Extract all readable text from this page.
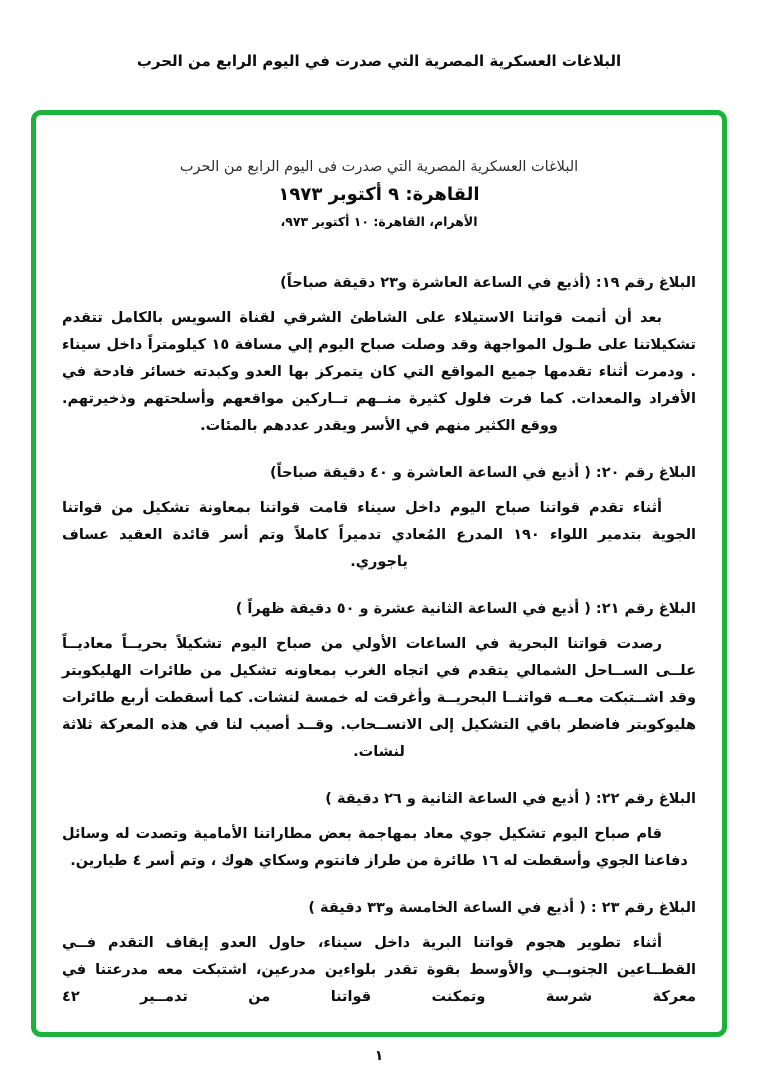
البلاغات العسكرية المصرية التي صدرت في اليوم الرابع من الحرب
البلاغات العسكرية المصرية التي صدرت فى اليوم الرابع من الحرب
القاهرة: ٩ أكتوبر ١٩٧٣
الأهرام، القاهرة: ١٠ أكتوبر ٩٧٣،

البلاغ رقم ١٩: (أذيع في الساعة العاشرة و٢٣ دقيقة صباحاً)

بعد أن أتمت قواتنا الاستيلاء على الشاطئ الشرقي لقناة السويس بالكامل تتقدم تشكيلاتنا على طـول المواجهة وقد وصلت صباح اليوم إلي مسافة ١٥ كيلومتراً داخل سيناء . ودمرت أثناء تقدمها جميع المواقع التي كان يتمركز بها العدو وكبدته خسائر فادحة في الأفراد والمعدات. كما فرت فلول كثيرة منــهم تــاركين مواقعهم وأسلحتهم وذخيرتهم. ووقع الكثير منهم في الأسر ويقدر عددهم بالمئات.

البلاغ رقم ٢٠: ( أذيع في الساعة العاشرة و ٤٠ دقيقة صباحاً)

أثناء تقدم قواتنا صباح اليوم داخل سيناء قامت قواتنا بمعاونة تشكيل من قواتنا الجوية بتدمير اللواء ١٩٠ المدرع المُعادي تدميراً كاملاً وتم أسر قائدة العقيد عساف ياجوري.

البلاغ رقم ٢١: ( أذيع في الساعة الثانية عشرة و ٥٠ دقيقة ظهراً )

رصدت قواتنا البحرية في الساعات الأولي من صباح اليوم تشكيلاً بحريــاً معاديــاً علــى الســاحل الشمالي يتقدم في اتجاه الغرب بمعاونه تشكيل من طائرات الهليكوبتر وقد اشــتبكت معــه قواتنــا البحريــة وأغرقت له خمسة لنشات. كما أسقطت أربع طائرات هليوكوبتر فاضطر باقي التشكيل إلى الانســحاب. وقــد أصيب لنا في هذه المعركة ثلاثة لنشات.

البلاغ رقم ٢٢: ( أذيع في الساعة الثانية و ٢٦ دقيقة )

قام صباح اليوم تشكيل جوي معاد بمهاجمة بعض مطاراتنا الأمامية وتصدت له وسائل دفاعنا الجوي وأسقطت له ١٦ طائرة من طراز فانتوم وسكاي هوك ، وتم أسر ٤ طيارين.

البلاغ رقم ٢٣ : ( أذيع في الساعة الخامسة و٣٣ دقيقة )

أثناء تطوير هجوم قواتنا البرية داخل سيناء، حاول العدو إيقاف التقدم فــي القطــاعين الجنوبــي والأوسط بقوة تقدر بلواءين مدرعين، اشتبكت معه مدرعتنا في معركة شرسة وتمكنت قواتنا من تدمــير ٤٢

١
